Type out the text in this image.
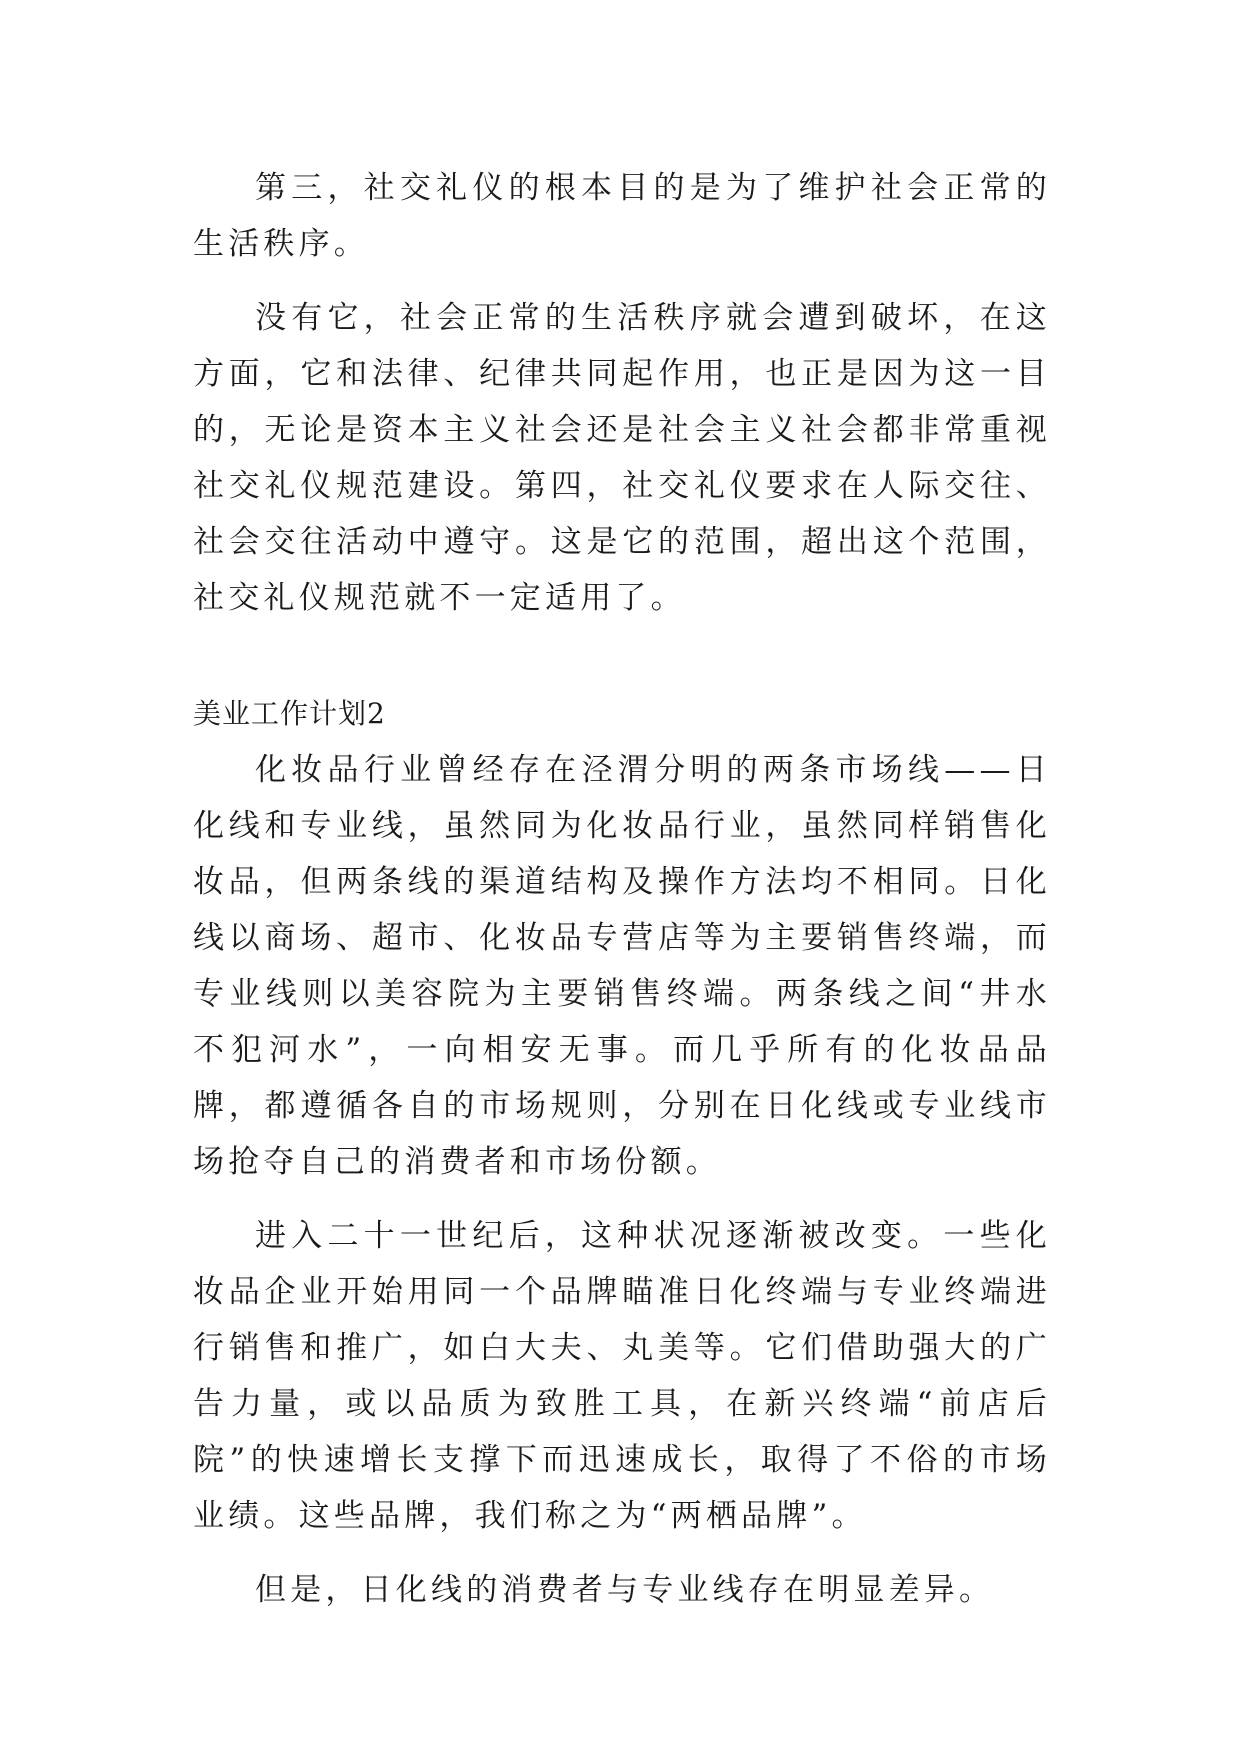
第三，社交礼仪的根本目的是为了维护社会正常的生活秩序。

没有它，社会正常的生活秩序就会遭到破坏，在这方面，它和法律、纪律共同起作用，也正是因为这一目的，无论是资本主义社会还是社会主义社会都非常重视社交礼仪规范建设。第四，社交礼仪要求在人际交往、社会交往活动中遵守。这是它的范围，超出这个范围，社交礼仪规范就不一定适用了。

美业工作计划2

化妆品行业曾经存在泾渭分明的两条市场线——日化线和专业线，虽然同为化妆品行业，虽然同样销售化妆品，但两条线的渠道结构及操作方法均不相同。日化线以商场、超市、化妆品专营店等为主要销售终端，而专业线则以美容院为主要销售终端。两条线之间“井水不犯河水”，一向相安无事。而几乎所有的化妆品品牌，都遵循各自的市场规则，分别在日化线或专业线市场抢夺自己的消费者和市场份额。

进入二十一世纪后，这种状况逐渐被改变。一些化妆品企业开始用同一个品牌瞄准日化终端与专业终端进行销售和推广，如白大夫、丸美等。它们借助强大的广告力量，或以品质为致胜工具，在新兴终端“前店后院”的快速增长支撑下而迅速成长，取得了不俗的市场业绩。这些品牌，我们称之为“两栖品牌”。

但是，日化线的消费者与专业线存在明显差异。
